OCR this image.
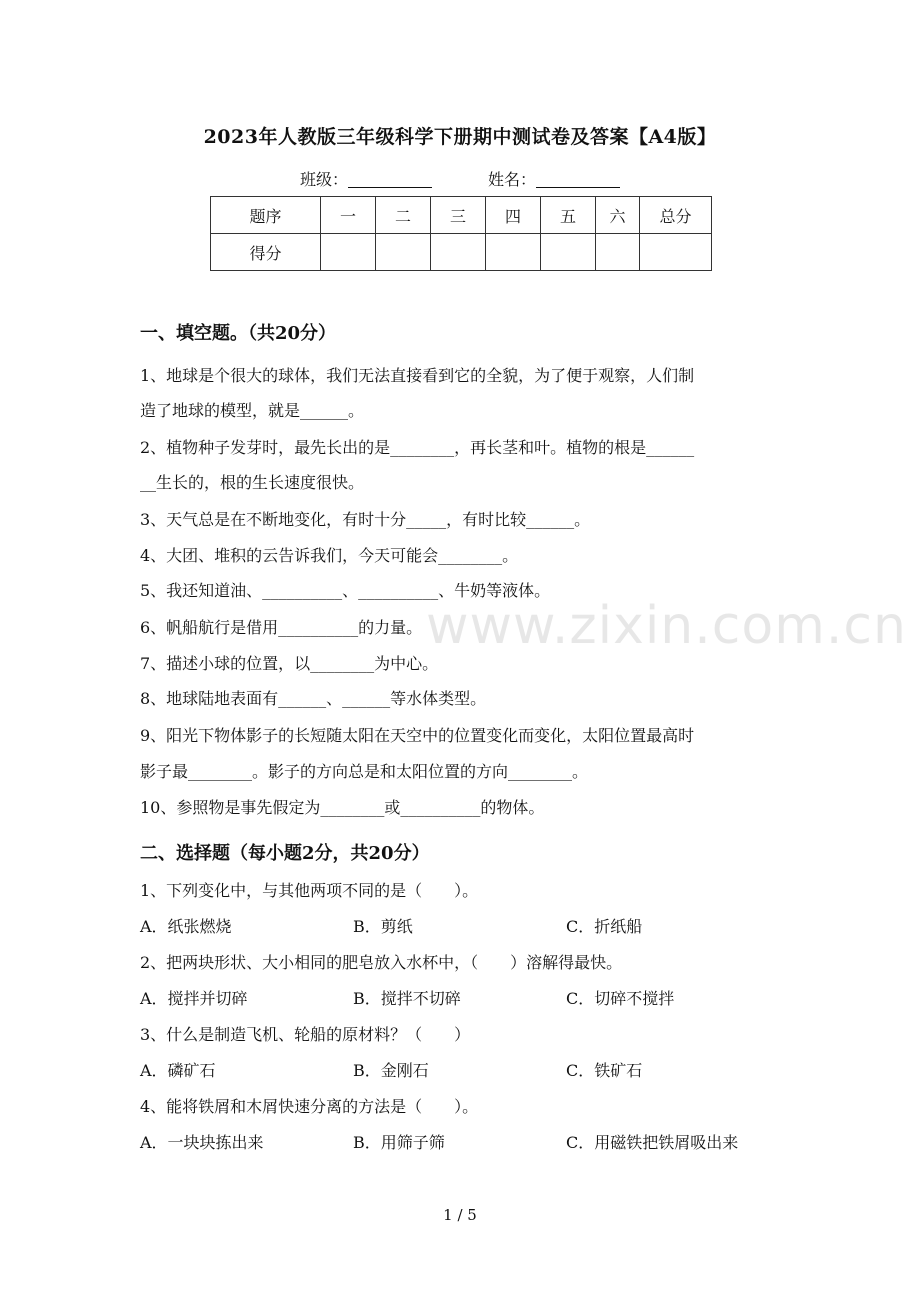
2023年人教版三年级科学下册期中测试卷及答案【A4版】
班级：	姓名：
题序	一	二	三	四	五	六	总分
得分							
一、填空题。（共20分）
1、地球是个很大的球体，我们无法直接看到它的全貌，为了便于观察，人们制
造了地球的模型，就是______。
2、植物种子发芽时，最先长出的是________，再长茎和叶。植物的根是______
__生长的，根的生长速度很快。
3、天气总是在不断地变化，有时十分_____，有时比较______。
4、大团、堆积的云告诉我们，今天可能会________。
5、我还知道油、__________、__________、牛奶等液体。
6、帆船航行是借用__________的力量。
7、描述小球的位置，以________为中心。
8、地球陆地表面有______、______等水体类型。
9、阳光下物体影子的长短随太阳在天空中的位置变化而变化，太阳位置最高时
影子最________。影子的方向总是和太阳位置的方向________。
10、参照物是事先假定为________或__________的物体。
二、选择题（每小题2分，共20分）
1、下列变化中，与其他两项不同的是（　　）。
A．纸张燃烧	B．剪纸	C．折纸船
2、把两块形状、大小相同的肥皂放入水杯中，（　　）溶解得最快。
A．搅拌并切碎	B．搅拌不切碎	C．切碎不搅拌
3、什么是制造飞机、轮船的原材料？（　　）
A．磷矿石	B．金刚石	C．铁矿石
4、能将铁屑和木屑快速分离的方法是（　　）。
A．一块块拣出来	B．用筛子筛	C．用磁铁把铁屑吸出来
www.zixin.com.cn
1 / 5
